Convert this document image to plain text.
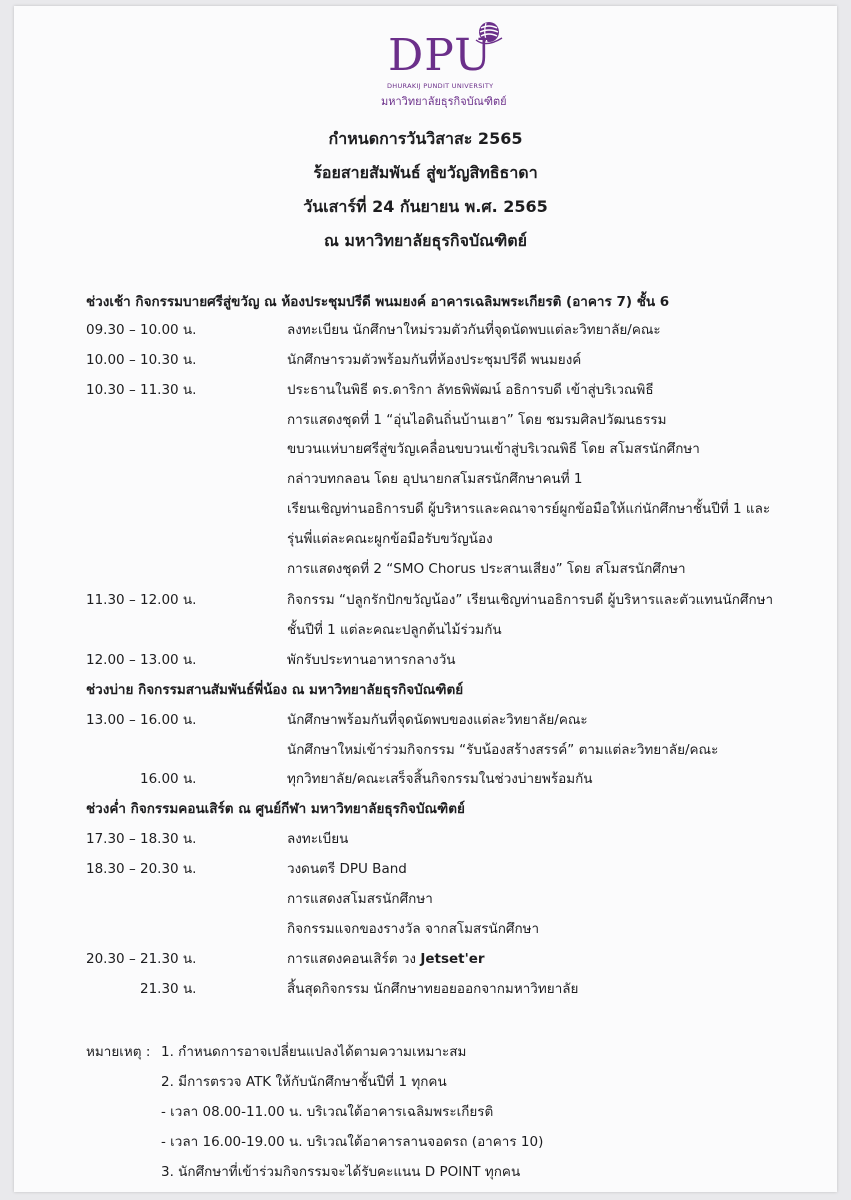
DPU
DHURAKIJ PUNDIT UNIVERSITY
มหาวิทยาลัยธุรกิจบัณฑิตย์

กำหนดการวันวิสาสะ 2565

ร้อยสายสัมพันธ์ สู่ขวัญสิทธิธาดา

วันเสาร์ที่ 24 กันยายน พ.ศ. 2565

ณ มหาวิทยาลัยธุรกิจบัณฑิตย์

ช่วงเช้า กิจกรรมบายศรีสู่ขวัญ ณ ห้องประชุมปรีดี พนมยงค์ อาคารเฉลิมพระเกียรติ (อาคาร 7) ชั้น 6
09.30 – 10.00 น.	ลงทะเบียน นักศึกษาใหม่รวมตัวกันที่จุดนัดพบแต่ละวิทยาลัย/คณะ
10.00 – 10.30 น.	นักศึกษารวมตัวพร้อมกันที่ห้องประชุมปรีดี พนมยงค์
10.30 – 11.30 น.	ประธานในพิธี ดร.ดาริกา ลัทธพิพัฒน์ อธิการบดี เข้าสู่บริเวณพิธี
การแสดงชุดที่ 1 “อุ่นไอดินถิ่นบ้านเฮา” โดย ชมรมศิลปวัฒนธรรม
ขบวนแห่บายศรีสู่ขวัญเคลื่อนขบวนเข้าสู่บริเวณพิธี โดย สโมสรนักศึกษา
กล่าวบทกลอน โดย อุปนายกสโมสรนักศึกษาคนที่ 1
เรียนเชิญท่านอธิการบดี ผู้บริหารและคณาจารย์ผูกข้อมือให้แก่นักศึกษาชั้นปีที่ 1 และ
รุ่นพี่แต่ละคณะผูกข้อมือรับขวัญน้อง
การแสดงชุดที่ 2 “SMO Chorus ประสานเสียง” โดย สโมสรนักศึกษา
11.30 – 12.00 น.	กิจกรรม “ปลูกรักปักขวัญน้อง” เรียนเชิญท่านอธิการบดี ผู้บริหารและตัวแทนนักศึกษา
ชั้นปีที่ 1 แต่ละคณะปลูกต้นไม้ร่วมกัน
12.00 – 13.00 น.	พักรับประทานอาหารกลางวัน
ช่วงบ่าย กิจกรรมสานสัมพันธ์พี่น้อง ณ มหาวิทยาลัยธุรกิจบัณฑิตย์
13.00 – 16.00 น.	นักศึกษาพร้อมกันที่จุดนัดพบของแต่ละวิทยาลัย/คณะ
นักศึกษาใหม่เข้าร่วมกิจกรรม “รับน้องสร้างสรรค์” ตามแต่ละวิทยาลัย/คณะ
16.00 น.	ทุกวิทยาลัย/คณะเสร็จสิ้นกิจกรรมในช่วงบ่ายพร้อมกัน
ช่วงค่ำ กิจกรรมคอนเสิร์ต ณ ศูนย์กีฬา มหาวิทยาลัยธุรกิจบัณฑิตย์
17.30 – 18.30 น.	ลงทะเบียน
18.30 – 20.30 น.	วงดนตรี DPU Band
การแสดงสโมสรนักศึกษา
กิจกรรมแจกของรางวัล จากสโมสรนักศึกษา
20.30 – 21.30 น.	การแสดงคอนเสิร์ต วง Jetset'er
21.30 น.	สิ้นสุดกิจกรรม นักศึกษาทยอยออกจากมหาวิทยาลัย
หมายเหตุ : 1. กำหนดการอาจเปลี่ยนแปลงได้ตามความเหมาะสม
2. มีการตรวจ ATK ให้กับนักศึกษาชั้นปีที่ 1 ทุกคน
- เวลา 08.00-11.00 น. บริเวณใต้อาคารเฉลิมพระเกียรติ
- เวลา 16.00-19.00 น. บริเวณใต้อาคารลานจอดรถ (อาคาร 10)
3. นักศึกษาที่เข้าร่วมกิจกรรมจะได้รับคะแนน D POINT ทุกคน
